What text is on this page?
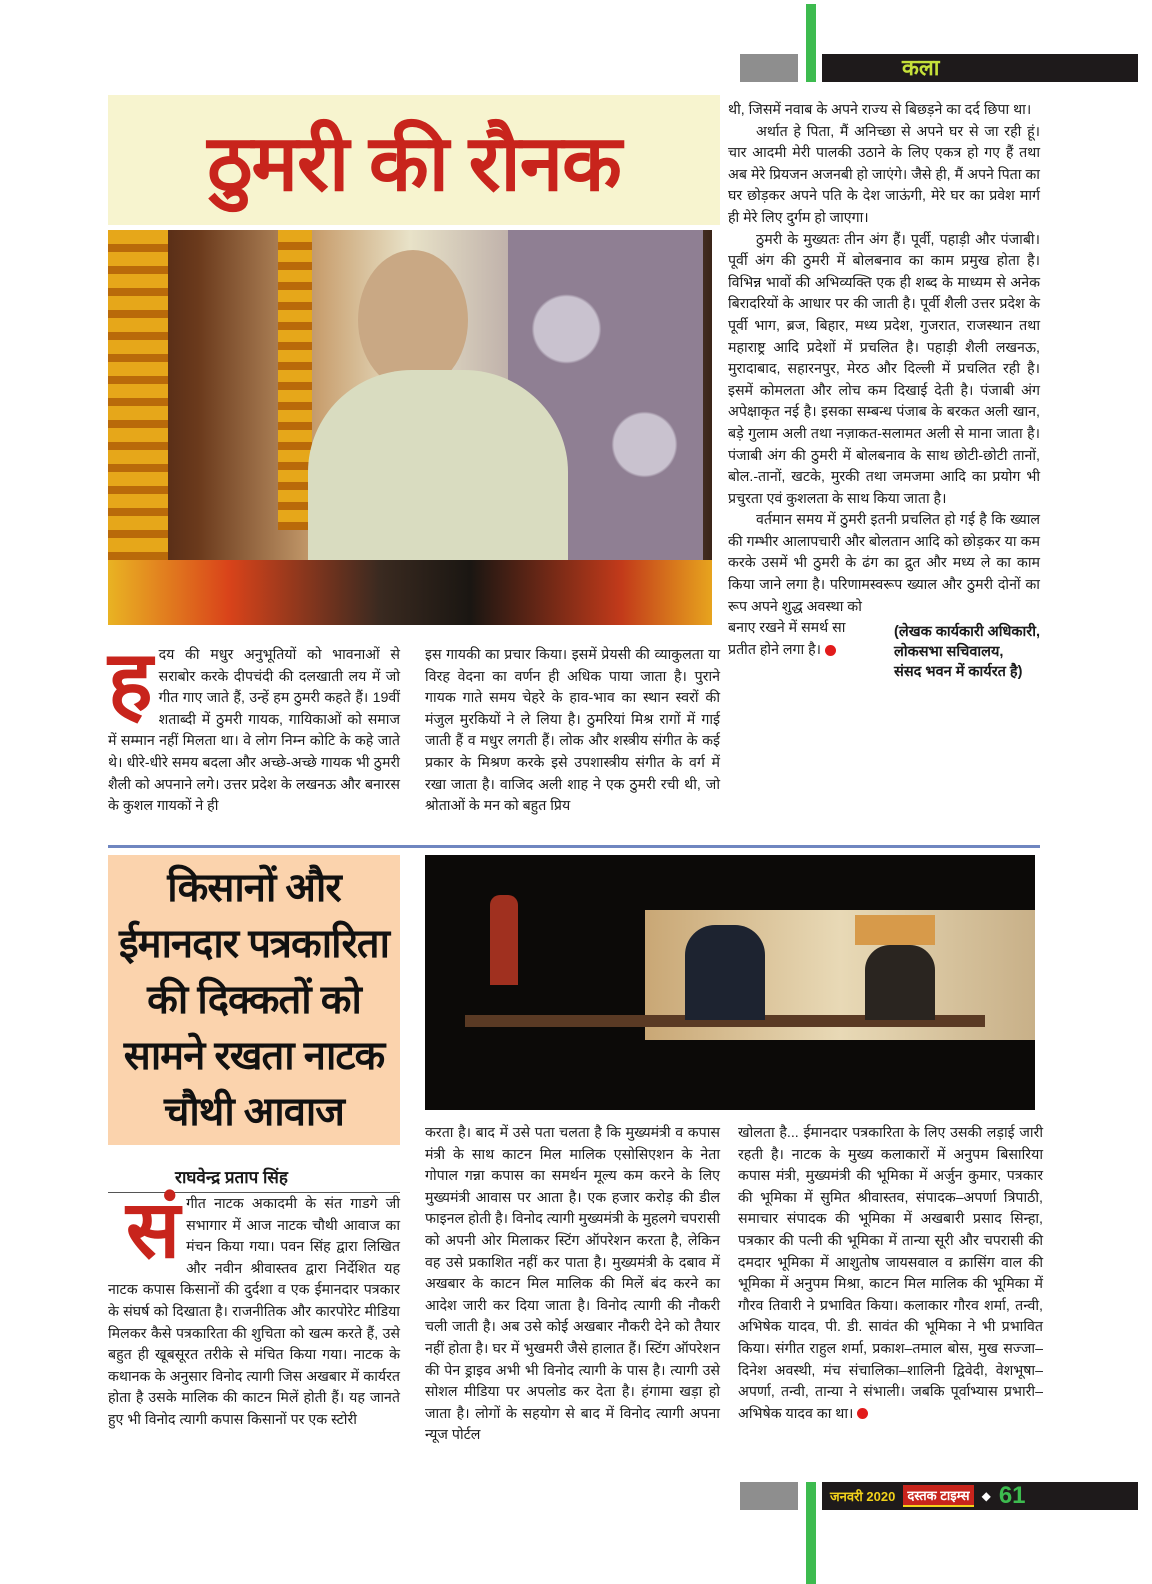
कला
ठुमरी की रौनक
ह दय की मधुर अनुभूतियों को भावनाओं से सराबोर करके दीपचंदी की दलखाती लय में जो गीत गाए जाते हैं, उन्हें हम ठुमरी कहते हैं। 19वीं शताब्दी में ठुमरी गायक, गायिकाओं को समाज में सम्मान नहीं मिलता था। वे लोग निम्न कोटि के कहे जाते थे। धीरे-धीरे समय बदला और अच्छे-अच्छे गायक भी ठुमरी शैली को अपनाने लगे। उत्तर प्रदेश के लखनऊ और बनारस के कुशल गायकों ने ही

इस गायकी का प्रचार किया। इसमें प्रेयसी की व्याकुलता या विरह वेदना का वर्णन ही अधिक पाया जाता है। पुराने गायक गाते समय चेहरे के हाव-भाव का स्थान स्वरों की मंजुल मुरकियों ने ले लिया है। ठुमरियां मिश्र रागों में गाई जाती हैं व मधुर लगती हैं। लोक और शस्त्रीय संगीत के कई प्रकार के मिश्रण करके इसे उपशास्त्रीय संगीत के वर्ग में रखा जाता है। वाजिद अली शाह ने एक ठुमरी रची थी, जो श्रोताओं के मन को बहुत प्रिय

थी, जिसमें नवाब के अपने राज्य से बिछड़ने का दर्द छिपा था।

अर्थात हे पिता, मैं अनिच्छा से अपने घर से जा रही हूं। चार आदमी मेरी पालकी उठाने के लिए एकत्र हो गए हैं तथा अब मेरे प्रियजन अजनबी हो जाएंगे। जैसे ही, मैं अपने पिता का घर छोड़कर अपने पति के देश जाऊंगी, मेरे घर का प्रवेश मार्ग ही मेरे लिए दुर्गम हो जाएगा।

ठुमरी के मुख्यतः तीन अंग हैं। पूर्वी, पहाड़ी और पंजाबी। पूर्वी अंग की ठुमरी में बोलबनाव का काम प्रमुख होता है। विभिन्न भावों की अभिव्यक्ति एक ही शब्द के माध्यम से अनेक बिरादरियों के आधार पर की जाती है। पूर्वी शैली उत्तर प्रदेश के पूर्वी भाग, ब्रज, बिहार, मध्य प्रदेश, गुजरात, राजस्थान तथा महाराष्ट्र आदि प्रदेशों में प्रचलित है। पहाड़ी शैली लखनऊ, मुरादाबाद, सहारनपुर, मेरठ और दिल्ली में प्रचलित रही है। इसमें कोमलता और लोच कम दिखाई देती है। पंजाबी अंग अपेक्षाकृत नई है। इसका सम्बन्ध पंजाब के बरकत अली खान, बड़े गुलाम अली तथा नज़ाकत-सलामत अली से माना जाता है। पंजाबी अंग की ठुमरी में बोलबनाव के साथ छोटी-छोटी तानों, बोल.-तानों, खटके, मुरकी तथा जमजमा आदि का प्रयोग भी प्रचुरता एवं कुशलता के साथ किया जाता है।

वर्तमान समय में ठुमरी इतनी प्रचलित हो गई है कि ख्याल की गम्भीर आलापचारी और बोलतान आदि को छोड़कर या कम करके उसमें भी ठुमरी के ढंग का द्रुत और मध्य ले का काम किया जाने लगा है। परिणामस्वरूप ख्याल और ठुमरी दोनों का रूप अपने शुद्ध अवस्था को

बनाए रखने में समर्थ सा प्रतीत होने लगा है।

(लेखक कार्यकारी अधिकारी,
लोकसभा सचिवालय,
संसद भवन में कार्यरत है)
किसानों और
ईमानदार पत्रकारिता
की दिक्कतों को
सामने रखता नाटक
चौथी आवाज
राघवेन्द्र प्रताप सिंह
सं गीत नाटक अकादमी के संत गाडगे जी सभागार में आज नाटक चौथी आवाज का मंचन किया गया। पवन सिंह द्वारा लिखित और नवीन श्रीवास्तव द्वारा निर्देशित यह नाटक कपास किसानों की दुर्दशा व एक ईमानदार पत्रकार के संघर्ष को दिखाता है। राजनीतिक और कारपोरेट मीडिया मिलकर कैसे पत्रकारिता की शुचिता को खत्म करते हैं, उसे बहुत ही खूबसूरत तरीके से मंचित किया गया। नाटक के कथानक के अनुसार विनोद त्यागी जिस अखबार में कार्यरत होता है उसके मालिक की काटन मिलें होती हैं। यह जानते हुए भी विनोद त्यागी कपास किसानों पर एक स्टोरी

करता है। बाद में उसे पता चलता है कि मुख्यमंत्री व कपास मंत्री के साथ काटन मिल मालिक एसोसिएशन के नेता गोपाल गन्ना कपास का समर्थन मूल्य कम करने के लिए मुख्यमंत्री आवास पर आता है। एक हजार करोड़ की डील फाइनल होती है। विनोद त्यागी मुख्यमंत्री के मुहलगे चपरासी को अपनी ओर मिलाकर स्टिंग ऑपरेशन करता है, लेकिन वह उसे प्रकाशित नहीं कर पाता है। मुख्यमंत्री के दबाव में अखबार के काटन मिल मालिक की मिलें बंद करने का आदेश जारी कर दिया जाता है। विनोद त्यागी की नौकरी चली जाती है। अब उसे कोई अखबार नौकरी देने को तैयार नहीं होता है। घर में भुखमरी जैसे हालात हैं। स्टिंग ऑपरेशन की पेन ड्राइव अभी भी विनोद त्यागी के पास है। त्यागी उसे सोशल मीडिया पर अपलोड कर देता है। हंगामा खड़ा हो जाता है। लोगों के सहयोग से बाद में विनोद त्यागी अपना न्यूज पोर्टल

खोलता है... ईमानदार पत्रकारिता के लिए उसकी लड़ाई जारी रहती है। नाटक के मुख्य कलाकारों में अनुपम बिसारिया कपास मंत्री, मुख्यमंत्री की भूमिका में अर्जुन कुमार, पत्रकार की भूमिका में सुमित श्रीवास्तव, संपादक–अपर्णा त्रिपाठी, समाचार संपादक की भूमिका में अखबारी प्रसाद सिन्हा, पत्रकार की पत्नी की भूमिका में तान्या सूरी और चपरासी की दमदार भूमिका में आशुतोष जायसवाल व क्रासिंग वाल की भूमिका में अनुपम मिश्रा, काटन मिल मालिक की भूमिका में गौरव तिवारी ने प्रभावित किया। कलाकार गौरव शर्मा, तन्वी, अभिषेक यादव, पी. डी. सावंत की भूमिका ने भी प्रभावित किया। संगीत राहुल शर्मा, प्रकाश–तमाल बोस, मुख सज्जा–दिनेश अवस्थी, मंच संचालिका–शालिनी द्विवेदी, वेशभूषा–अपर्णा, तन्वी, तान्या ने संभाली। जबकि पूर्वाभ्यास प्रभारी– अभिषेक यादव का था।

जनवरी 2020 दस्तक टाइम्स	◆ 61
